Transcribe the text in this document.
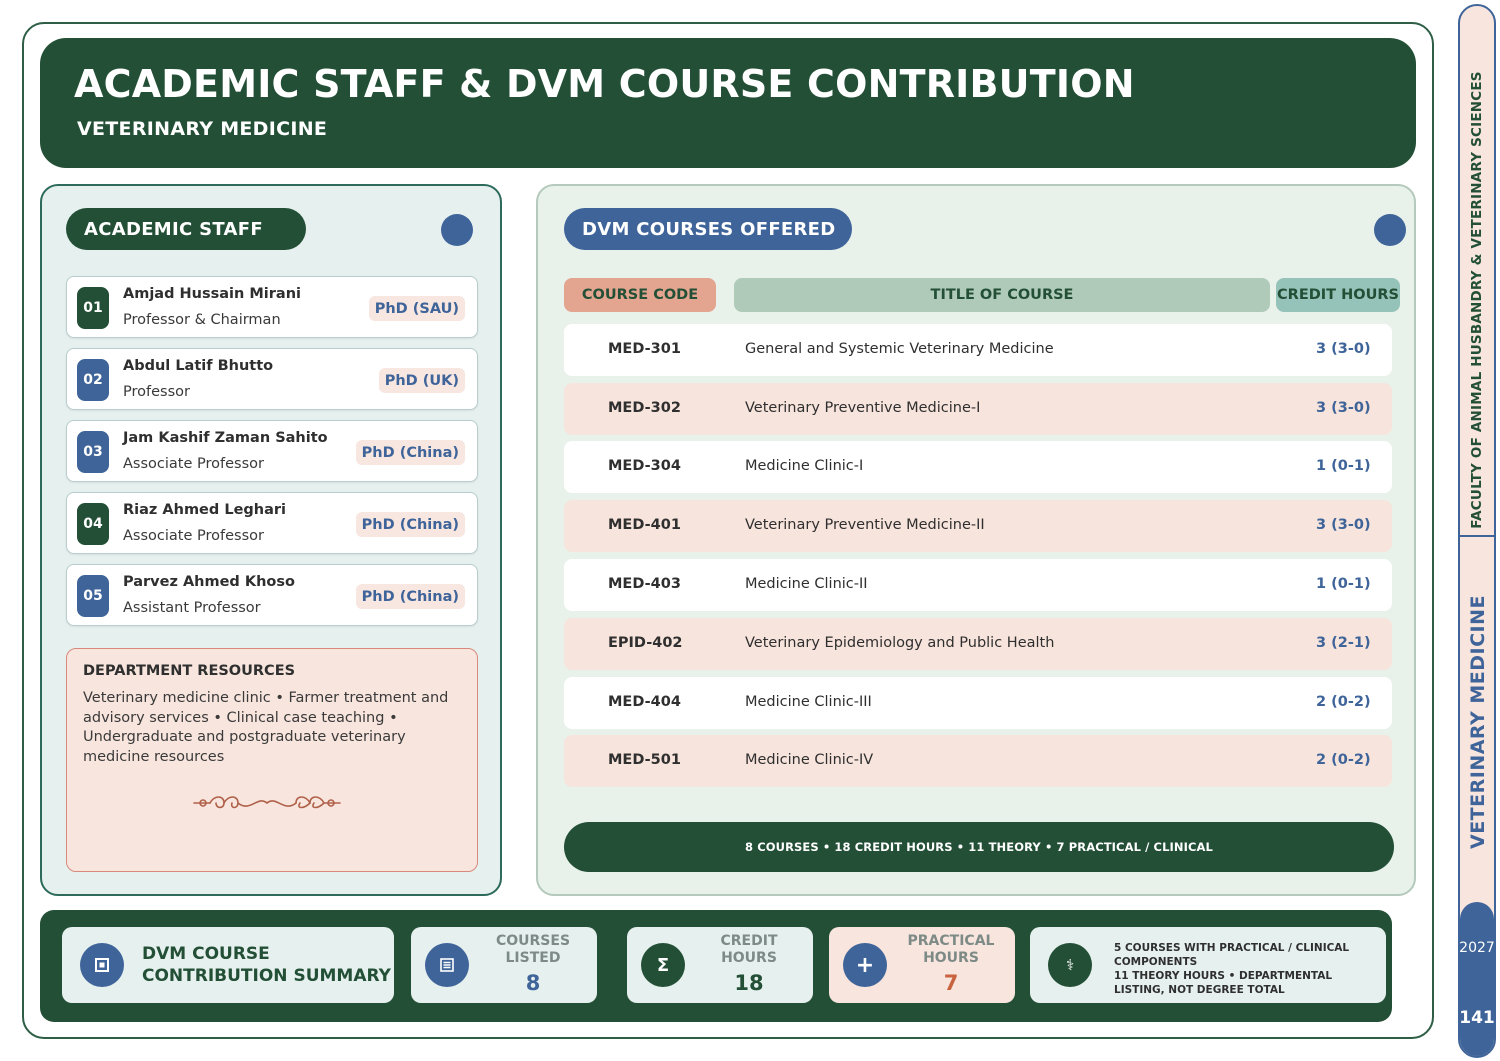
ACADEMIC STAFF & DVM COURSE CONTRIBUTION
VETERINARY MEDICINE
ACADEMIC STAFF
01
Amjad Hussain Mirani
Professor & Chairman
PhD (SAU)
02
Abdul Latif Bhutto
Professor
PhD (UK)
03
Jam Kashif Zaman Sahito
Associate Professor
PhD (China)
04
Riaz Ahmed Leghari
Associate Professor
PhD (China)
05
Parvez Ahmed Khoso
Assistant Professor
PhD (China)
DEPARTMENT RESOURCES
Veterinary medicine clinic • Farmer treatment and advisory services • Clinical case teaching • Undergraduate and postgraduate veterinary medicine resources
DVM COURSES OFFERED
COURSE CODE	TITLE OF COURSE	CREDIT HOURS
MED-301	General and Systemic Veterinary Medicine	3 (3-0)
MED-302	Veterinary Preventive Medicine-I	3 (3-0)
MED-304	Medicine Clinic-I	1 (0-1)
MED-401	Veterinary Preventive Medicine-II	3 (3-0)
MED-403	Medicine Clinic-II	1 (0-1)
EPID-402	Veterinary Epidemiology and Public Health	3 (2-1)
MED-404	Medicine Clinic-III	2 (0-2)
MED-501	Medicine Clinic-IV	2 (0-2)
8 COURSES • 18 CREDIT HOURS • 11 THEORY • 7 PRACTICAL / CLINICAL
DVM COURSE
CONTRIBUTION SUMMARY
COURSES
LISTED
8
Σ
CREDIT
HOURS
18
+
PRACTICAL
HOURS
7
⚕
5 COURSES WITH PRACTICAL / CLINICAL COMPONENTS
11 THEORY HOURS • DEPARTMENTAL LISTING, NOT DEGREE TOTAL
FACULTY OF ANIMAL HUSBANDRY & VETERINARY SCIENCES
VETERINARY MEDICINE
2027
141
